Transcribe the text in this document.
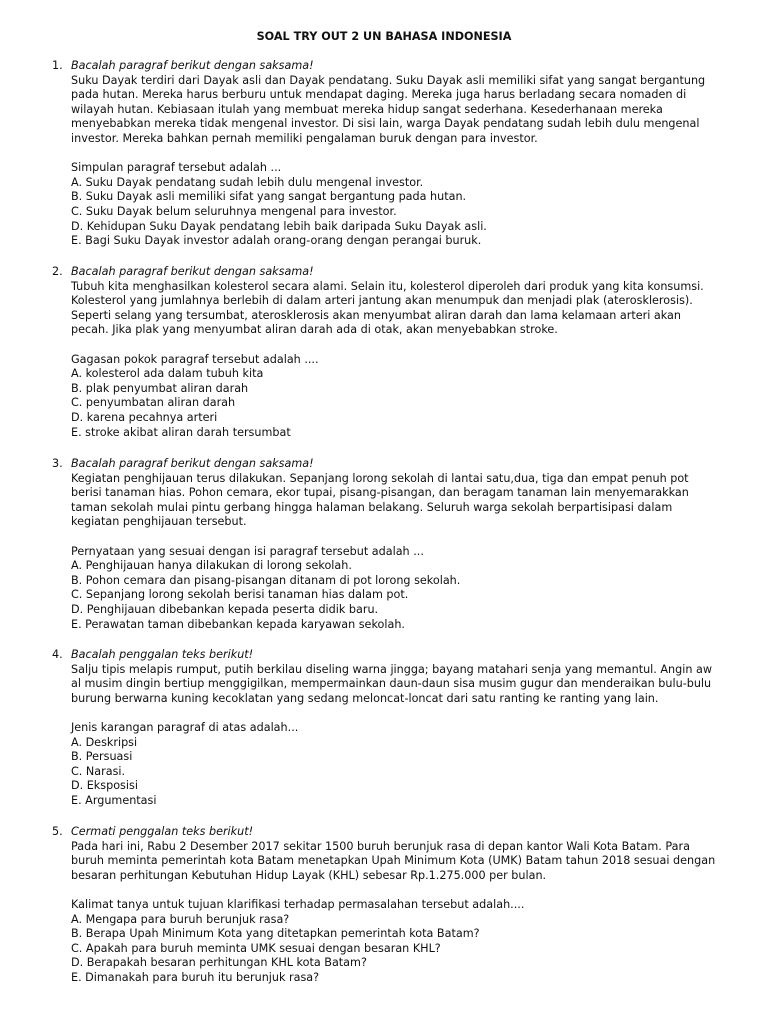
SOAL TRY OUT 2 UN BAHASA INDONESIA
1. Bacalah paragraf berikut dengan saksama!

Suku Dayak terdiri dari Dayak asli dan Dayak pendatang. Suku Dayak asli memiliki sifat yang sangat bergantung pada hutan. Mereka harus berburu untuk mendapat daging. Mereka juga harus berladang secara nomaden di wilayah hutan. Kebiasaan itulah yang membuat mereka hidup sangat sederhana. Kesederhanaan mereka menyebabkan mereka tidak mengenal investor. Di sisi lain, warga Dayak pendatang sudah lebih dulu mengenal investor. Mereka bahkan pernah memiliki pengalaman buruk dengan para investor.

Simpulan paragraf tersebut adalah ...
A. Suku Dayak pendatang sudah lebih dulu mengenal investor.
B. Suku Dayak asli memiliki sifat yang sangat bergantung pada hutan.
C. Suku Dayak belum seluruhnya mengenal para investor.
D. Kehidupan Suku Dayak pendatang lebih baik daripada Suku Dayak asli.
E. Bagi Suku Dayak investor adalah orang-orang dengan perangai buruk.
2. Bacalah paragraf berikut dengan saksama!

Tubuh kita menghasilkan kolesterol secara alami. Selain itu, kolesterol diperoleh dari produk yang kita konsumsi. Kolesterol yang jumlahnya berlebih di dalam arteri jantung akan menumpuk dan menjadi plak (aterosklerosis). Seperti selang yang tersumbat, aterosklerosis akan menyumbat aliran darah dan lama kelamaan arteri akan pecah. Jika plak yang menyumbat aliran darah ada di otak, akan menyebabkan stroke.

Gagasan pokok paragraf tersebut adalah ....
A. kolesterol ada dalam tubuh kita
B. plak penyumbat aliran darah
C. penyumbatan aliran darah
D. karena pecahnya arteri
E. stroke akibat aliran darah tersumbat
3. Bacalah paragraf berikut dengan saksama!

Kegiatan penghijauan terus dilakukan. Sepanjang lorong sekolah di lantai satu,dua, tiga dan empat penuh pot berisi tanaman hias. Pohon cemara, ekor tupai, pisang-pisangan, dan beragam tanaman lain menyemarakkan taman sekolah mulai pintu gerbang hingga halaman belakang. Seluruh warga sekolah berpartisipasi dalam kegiatan penghijauan tersebut.

Pernyataan yang sesuai dengan isi paragraf tersebut adalah ...
A. Penghijauan hanya dilakukan di lorong sekolah.
B. Pohon cemara dan pisang-pisangan ditanam di pot lorong sekolah.
C. Sepanjang lorong sekolah berisi tanaman hias dalam pot.
D. Penghijauan dibebankan kepada peserta didik baru.
E. Perawatan taman dibebankan kepada karyawan sekolah.
4. Bacalah penggalan teks berikut!

Salju tipis melapis rumput, putih berkilau diseling warna jingga; bayang matahari senja yang memantul. Angin aw al musim dingin bertiup menggigilkan, mempermainkan daun-daun sisa musim gugur dan menderaikan bulu-bulu burung berwarna kuning kecoklatan yang sedang meloncat-loncat dari satu ranting ke ranting yang lain.

Jenis karangan paragraf di atas adalah...
A. Deskripsi
B. Persuasi
C. Narasi.
D. Eksposisi
E. Argumentasi
5. Cermati penggalan teks berikut!

Pada hari ini, Rabu 2 Desember 2017 sekitar 1500 buruh berunjuk rasa di depan kantor Wali Kota Batam. Para buruh meminta pemerintah kota Batam menetapkan Upah Minimum Kota (UMK) Batam tahun 2018 sesuai dengan besaran perhitungan Kebutuhan Hidup Layak (KHL) sebesar Rp.1.275.000 per bulan.

Kalimat tanya untuk tujuan klarifikasi terhadap permasalahan tersebut adalah....
A. Mengapa para buruh berunjuk rasa?
B. Berapa Upah Minimum Kota yang ditetapkan pemerintah kota Batam?
C. Apakah para buruh meminta UMK sesuai dengan besaran KHL?
D. Berapakah besaran perhitungan KHL kota Batam?
E. Dimanakah para buruh itu berunjuk rasa?
